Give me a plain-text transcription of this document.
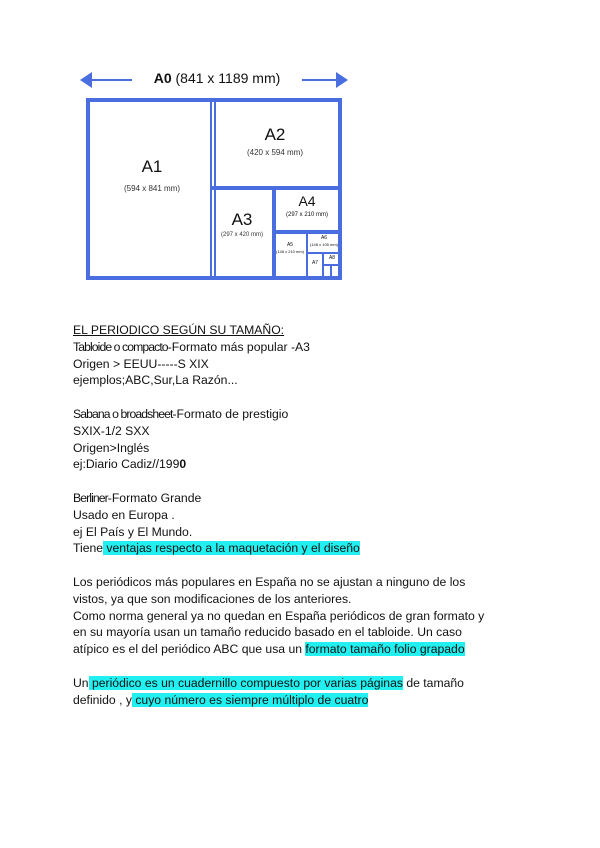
A0 (841 x 1189 mm)
A1
(594 x 841 mm)
A2
(420 x 594 mm)
A3
(297 x 420 mm)
A4
(297 x 210 mm)
A5
(148 x 210 mm)
A6
(148 x 105 mm)
A7
A8
EL PERIODICO SEGÚN SU TAMAÑO:
Tabloide o compacto-Formato más popular -A3
Origen > EEUU-----S XIX
ejemplos;ABC,Sur,La Razón...
Sabana o broadsheet-Formato de prestigio
SXIX-1/2 SXX
Origen>Inglés
ej:Diario Cadiz//1990
Berliner-Formato Grande
Usado en Europa .
ej El País y El Mundo.
Tiene ventajas respecto a la maquetación y el diseño
Los periódicos más populares en España no se ajustan a ninguno de los
vistos, ya que son modificaciones de los anteriores.
Como norma general ya no quedan en España periódicos de gran formato y
en su mayoría usan un tamaño reducido basado en el tabloide. Un caso
atípico es el del periódico ABC que usa un formato tamaño folio grapado
Un periódico es un cuadernillo compuesto por varias páginas de tamaño
definido , y cuyo número es siempre múltiplo de cuatro
